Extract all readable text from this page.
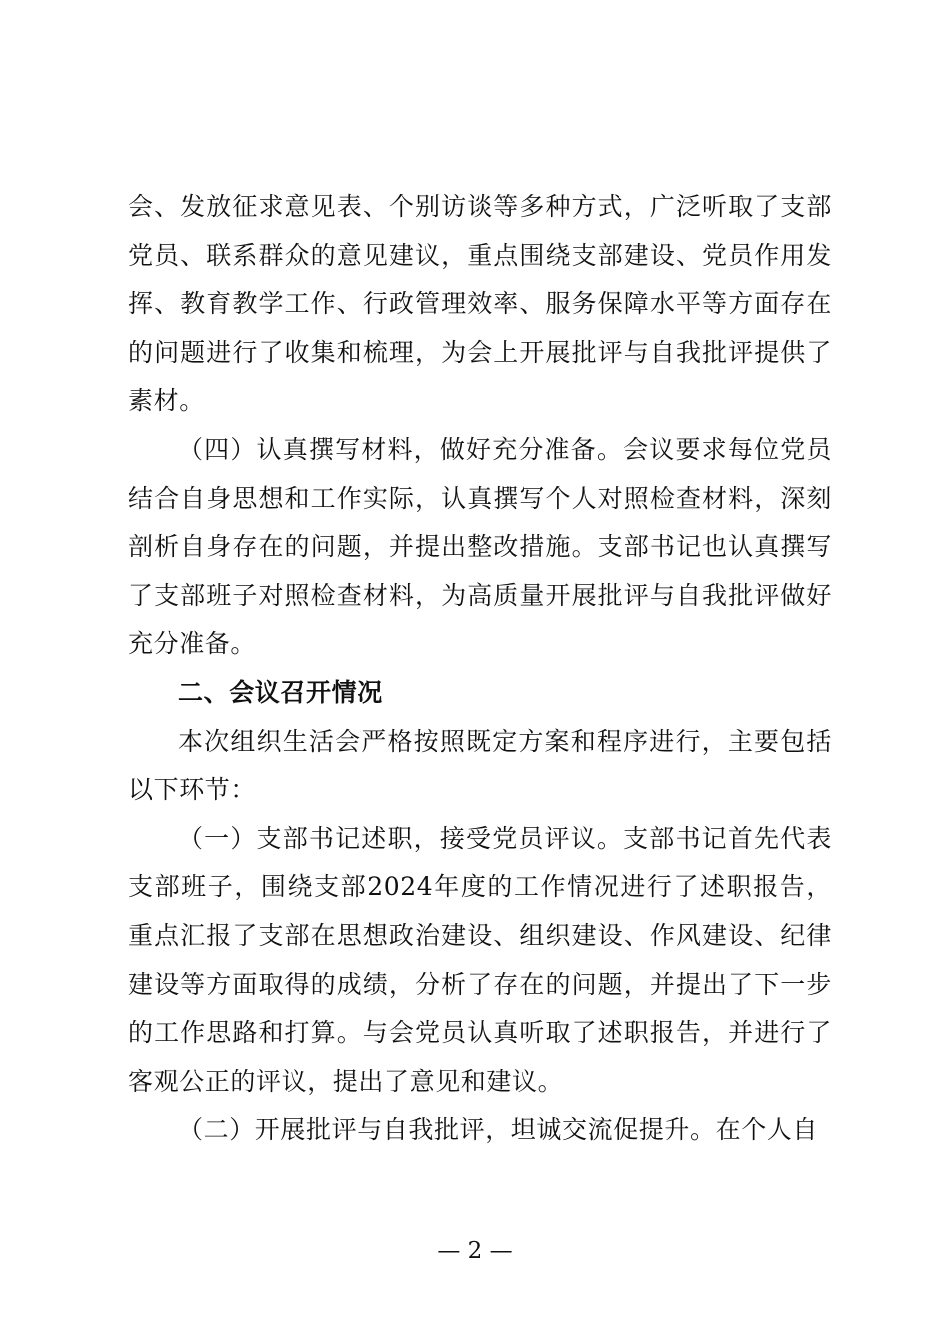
会、发放征求意见表、个别访谈等多种方式，广泛听取了支部党员、联系群众的意见建议，重点围绕支部建设、党员作用发挥、教育教学工作、行政管理效率、服务保障水平等方面存在的问题进行了收集和梳理，为会上开展批评与自我批评提供了素材。

（四）认真撰写材料，做好充分准备。会议要求每位党员结合自身思想和工作实际，认真撰写个人对照检查材料，深刻剖析自身存在的问题，并提出整改措施。支部书记也认真撰写了支部班子对照检查材料，为高质量开展批评与自我批评做好充分准备。

二、会议召开情况

本次组织生活会严格按照既定方案和程序进行，主要包括以下环节：

（一）支部书记述职，接受党员评议。支部书记首先代表支部班子，围绕支部2024年度的工作情况进行了述职报告，重点汇报了支部在思想政治建设、组织建设、作风建设、纪律建设等方面取得的成绩，分析了存在的问题，并提出了下一步的工作思路和打算。与会党员认真听取了述职报告，并进行了客观公正的评议，提出了意见和建议。

（二）开展批评与自我批评，坦诚交流促提升。在个人自

— 2 —
